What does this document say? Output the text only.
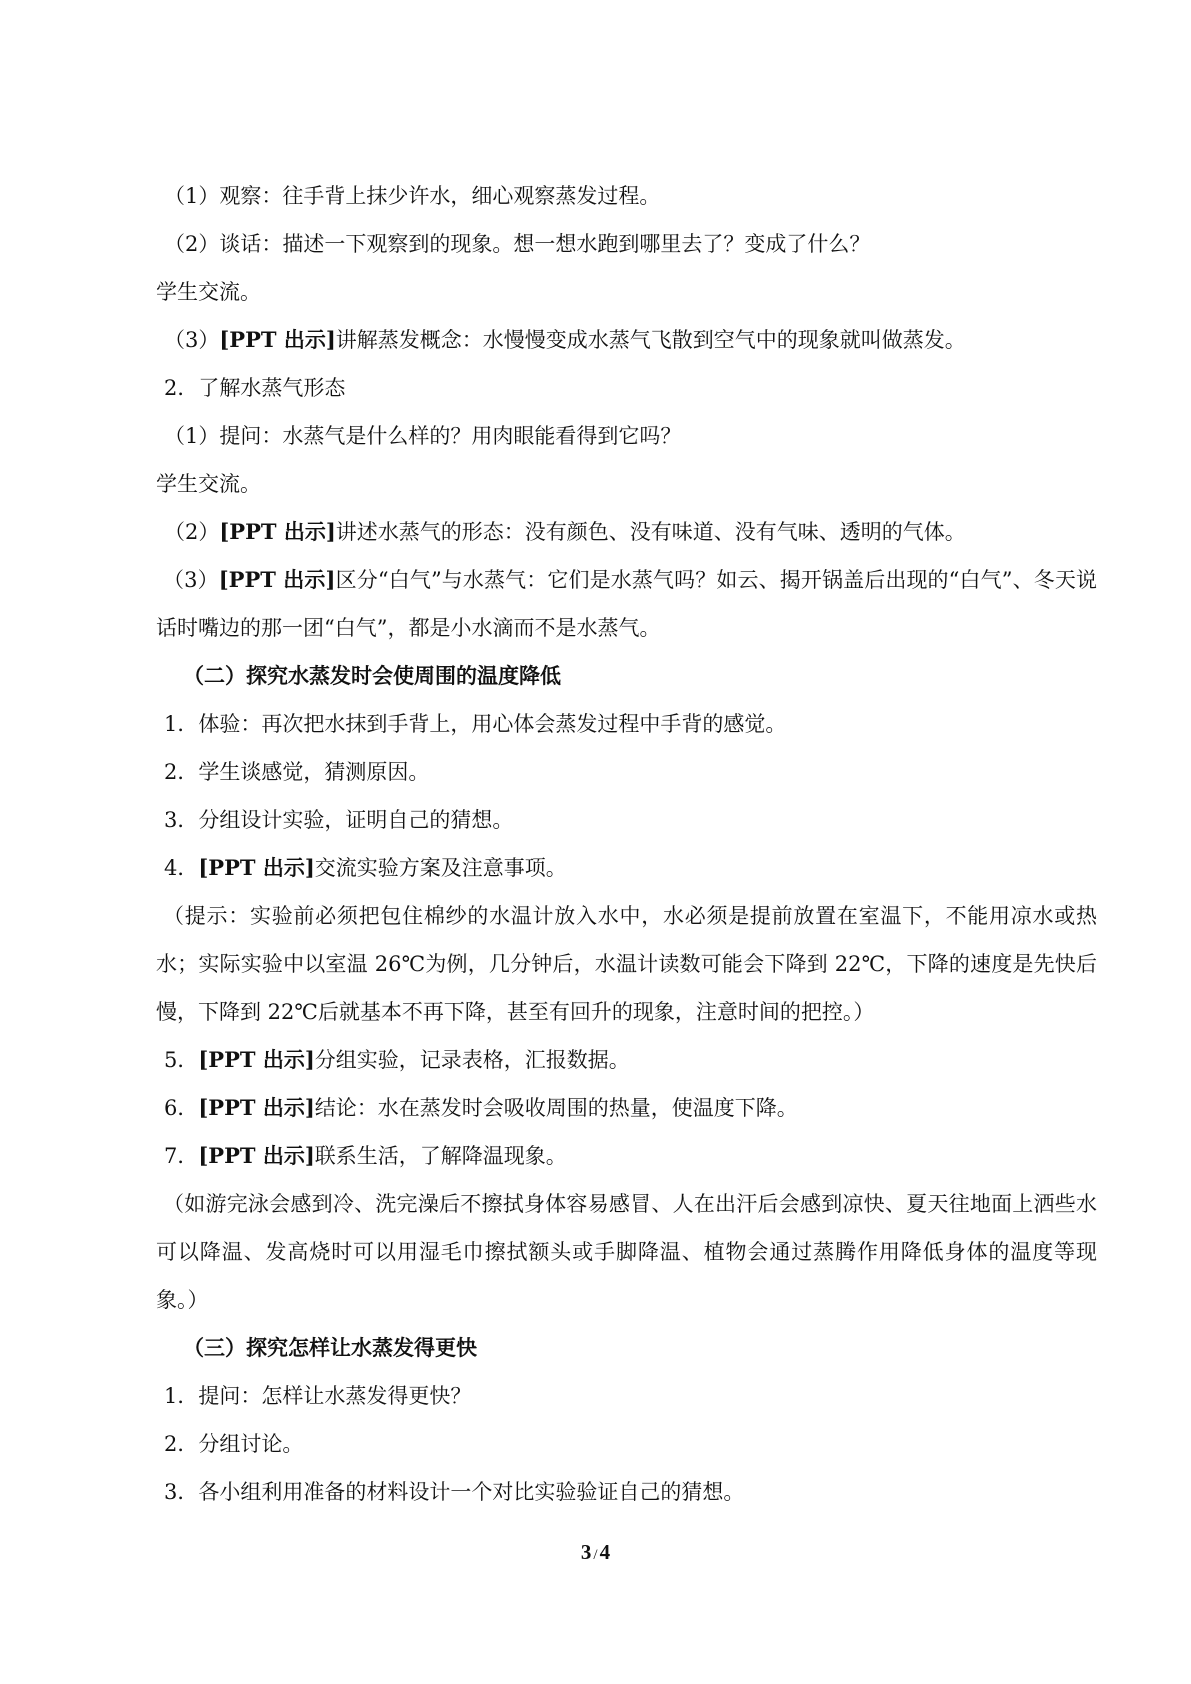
（1）观察：往手背上抹少许水，细心观察蒸发过程。
（2）谈话：描述一下观察到的现象。想一想水跑到哪里去了？变成了什么？
学生交流。
（3）[PPT 出示]讲解蒸发概念：水慢慢变成水蒸气飞散到空气中的现象就叫做蒸发。
2．了解水蒸气形态
（1）提问：水蒸气是什么样的？用肉眼能看得到它吗？
学生交流。
（2）[PPT 出示]讲述水蒸气的形态：没有颜色、没有味道、没有气味、透明的气体。
（3）[PPT 出示]区分“白气”与水蒸气：它们是水蒸气吗？如云、揭开锅盖后出现的“白气”、冬天说话时嘴边的那一团“白气”，都是小水滴而不是水蒸气。
（二）探究水蒸发时会使周围的温度降低
1．体验：再次把水抹到手背上，用心体会蒸发过程中手背的感觉。
2．学生谈感觉，猜测原因。
3．分组设计实验，证明自己的猜想。
4．[PPT 出示]交流实验方案及注意事项。
（提示：实验前必须把包住棉纱的水温计放入水中，水必须是提前放置在室温下，不能用凉水或热水；实际实验中以室温 26℃为例，几分钟后，水温计读数可能会下降到 22℃，下降的速度是先快后慢，下降到 22℃后就基本不再下降，甚至有回升的现象，注意时间的把控。）
5．[PPT 出示]分组实验，记录表格，汇报数据。
6．[PPT 出示]结论：水在蒸发时会吸收周围的热量，使温度下降。
7．[PPT 出示]联系生活，了解降温现象。
（如游完泳会感到冷、洗完澡后不擦拭身体容易感冒、人在出汗后会感到凉快、夏天往地面上洒些水可以降温、发高烧时可以用湿毛巾擦拭额头或手脚降温、植物会通过蒸腾作用降低身体的温度等现象。）
（三）探究怎样让水蒸发得更快
1．提问：怎样让水蒸发得更快？
2．分组讨论。
3．各小组利用准备的材料设计一个对比实验验证自己的猜想。
3 /4
